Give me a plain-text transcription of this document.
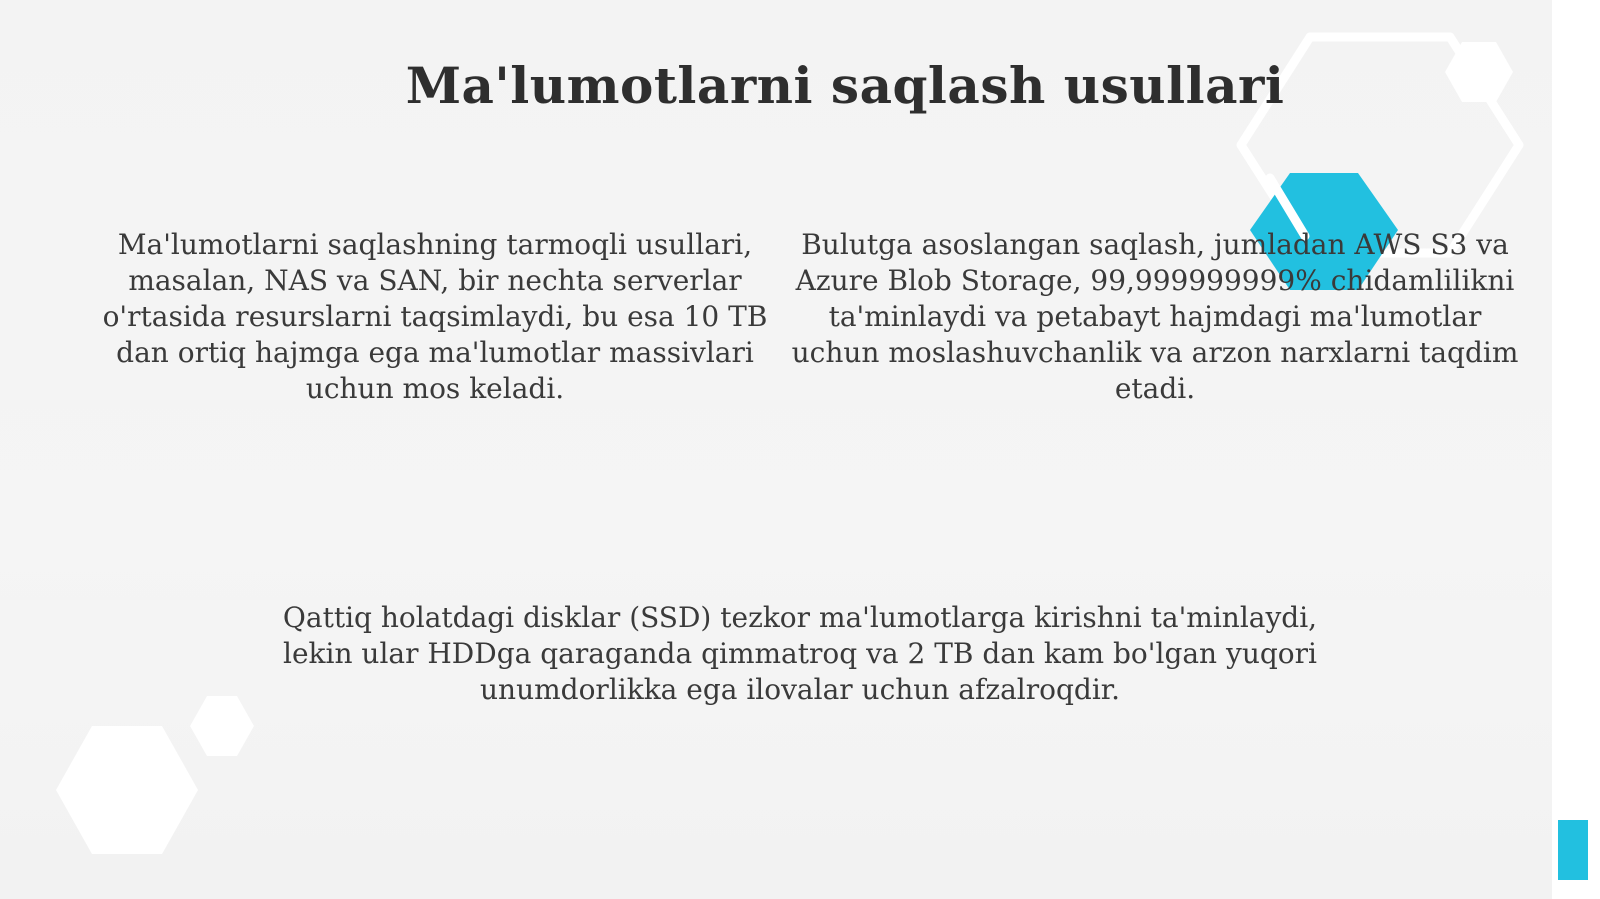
Ma'lumotlarni saqlash usullari

Ma'lumotlarni saqlashning tarmoqli usullari, masalan, NAS va SAN, bir nechta serverlar o'rtasida resurslarni taqsimlaydi, bu esa 10 TB dan ortiq hajmga ega ma'lumotlar massivlari uchun mos keladi.

Bulutga asoslangan saqlash, jumladan AWS S3 va Azure Blob Storage, 99,999999999% chidamlilikni ta'minlaydi va petabayt hajmdagi ma'lumotlar uchun moslashuvchanlik va arzon narxlarni taqdim etadi.

Qattiq holatdagi disklar (SSD) tezkor ma'lumotlarga kirishni ta'minlaydi, lekin ular HDDga qaraganda qimmatroq va 2 TB dan kam bo'lgan yuqori unumdorlikka ega ilovalar uchun afzalroqdir.
